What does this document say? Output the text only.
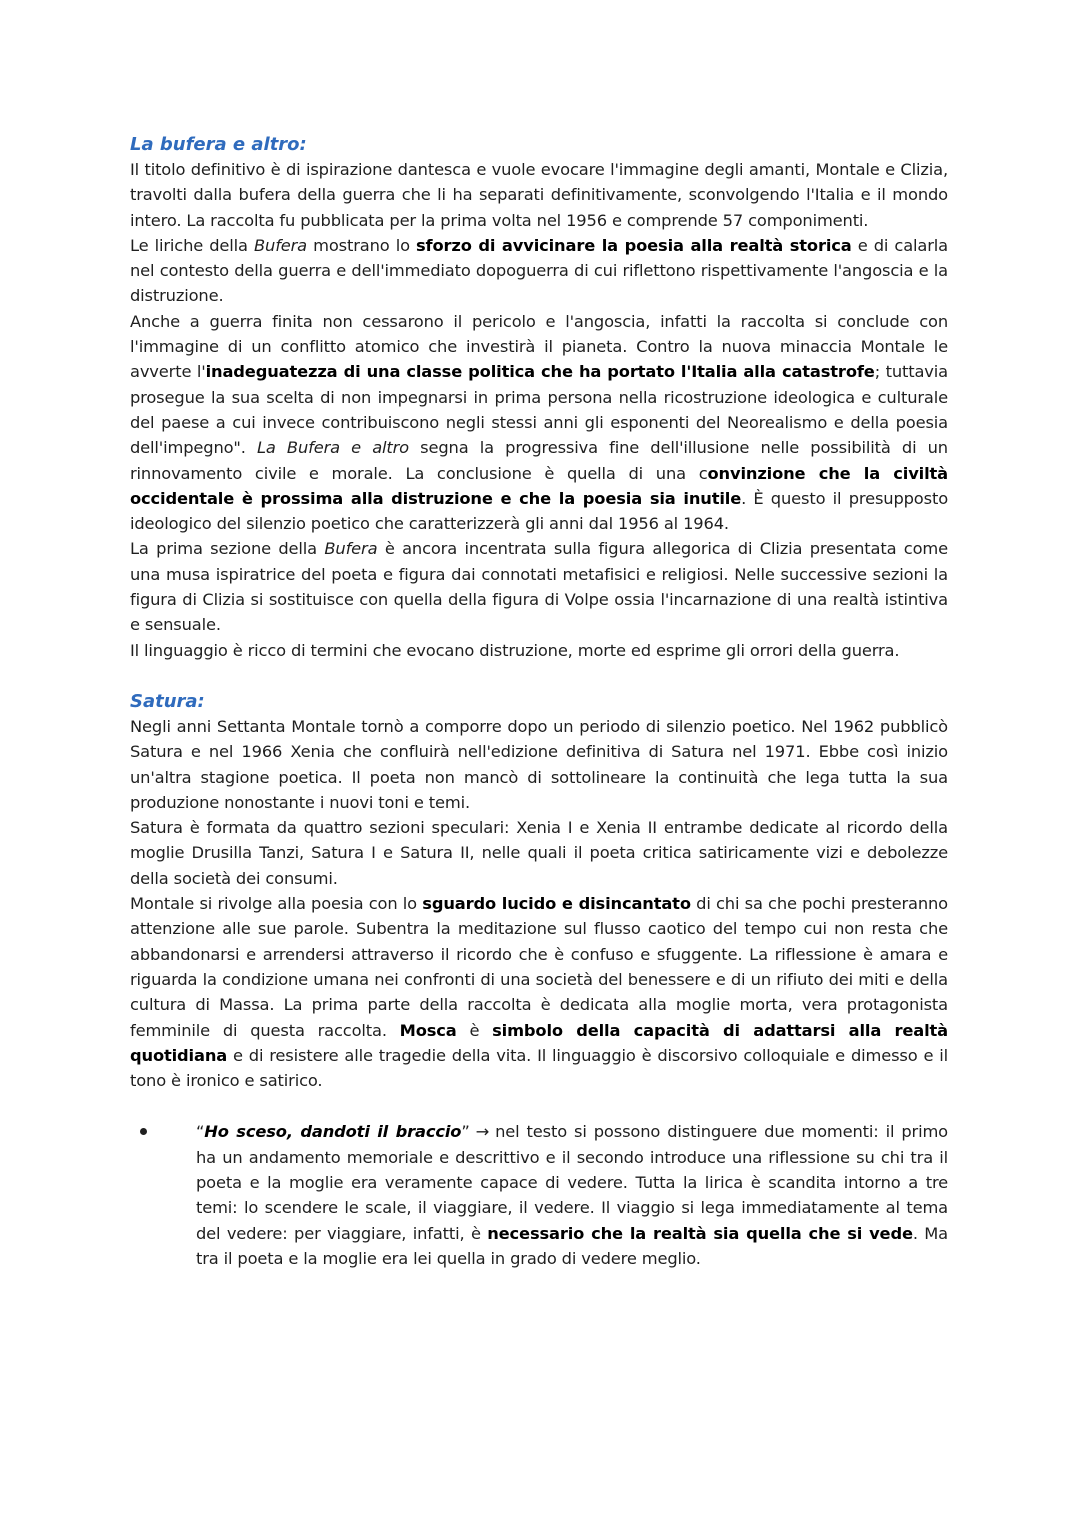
La bufera e altro:

Il titolo definitivo è di ispirazione dantesca e vuole evocare l'immagine degli amanti, Montale e Clizia, travolti dalla bufera della guerra che li ha separati definitivamente, sconvolgendo l'Italia e il mondo intero. La raccolta fu pubblicata per la prima volta nel 1956 e comprende 57 componimenti.

Le liriche della Bufera mostrano lo sforzo di avvicinare la poesia alla realtà storica e di calarla nel contesto della guerra e dell'immediato dopoguerra di cui riflettono rispettivamente l'angoscia e la distruzione.

Anche a guerra finita non cessarono il pericolo e l'angoscia, infatti la raccolta si conclude con l'immagine di un conflitto atomico che investirà il pianeta. Contro la nuova minaccia Montale le avverte l'inadeguatezza di una classe politica che ha portato l'Italia alla catastrofe; tuttavia prosegue la sua scelta di non impegnarsi in prima persona nella ricostruzione ideologica e culturale del paese a cui invece contribuiscono negli stessi anni gli esponenti del Neorealismo e della poesia dell'impegno". La Bufera e altro segna la progressiva fine dell'illusione nelle possibilità di un rinnovamento civile e morale. La conclusione è quella di una convinzione che la civiltà occidentale è prossima alla distruzione e che la poesia sia inutile. È questo il presupposto ideologico del silenzio poetico che caratterizzerà gli anni dal 1956 al 1964.

La prima sezione della Bufera è ancora incentrata sulla figura allegorica di Clizia presentata come una musa ispiratrice del poeta e figura dai connotati metafisici e religiosi. Nelle successive sezioni la figura di Clizia si sostituisce con quella della figura di Volpe ossia l'incarnazione di una realtà istintiva e sensuale.

Il linguaggio è ricco di termini che evocano distruzione, morte ed esprime gli orrori della guerra.

Satura:

Negli anni Settanta Montale tornò a comporre dopo un periodo di silenzio poetico. Nel 1962 pubblicò Satura e nel 1966 Xenia che confluirà nell'edizione definitiva di Satura nel 1971. Ebbe così inizio un'altra stagione poetica. Il poeta non mancò di sottolineare la continuità che lega tutta la sua produzione nonostante i nuovi toni e temi.

Satura è formata da quattro sezioni speculari: Xenia I e Xenia II entrambe dedicate al ricordo della moglie Drusilla Tanzi, Satura I e Satura II, nelle quali il poeta critica satiricamente vizi e debolezze della società dei consumi.

Montale si rivolge alla poesia con lo sguardo lucido e disincantato di chi sa che pochi presteranno attenzione alle sue parole. Subentra la meditazione sul flusso caotico del tempo cui non resta che abbandonarsi e arrendersi attraverso il ricordo che è confuso e sfuggente. La riflessione è amara e riguarda la condizione umana nei confronti di una società del benessere e di un rifiuto dei miti e della cultura di Massa. La prima parte della raccolta è dedicata alla moglie morta, vera protagonista femminile di questa raccolta. Mosca è simbolo della capacità di adattarsi alla realtà quotidiana e di resistere alle tragedie della vita. Il linguaggio è discorsivo colloquiale e dimesso e il tono è ironico e satirico.

“Ho sceso, dandoti il braccio” → nel testo si possono distinguere due momenti: il primo ha un andamento memoriale e descrittivo e il secondo introduce una riflessione su chi tra il poeta e la moglie era veramente capace di vedere. Tutta la lirica è scandita intorno a tre temi: lo scendere le scale, il viaggiare, il vedere. Il viaggio si lega immediatamente al tema del vedere: per viaggiare, infatti, è necessario che la realtà sia quella che si vede. Ma tra il poeta e la moglie era lei quella in grado di vedere meglio.
